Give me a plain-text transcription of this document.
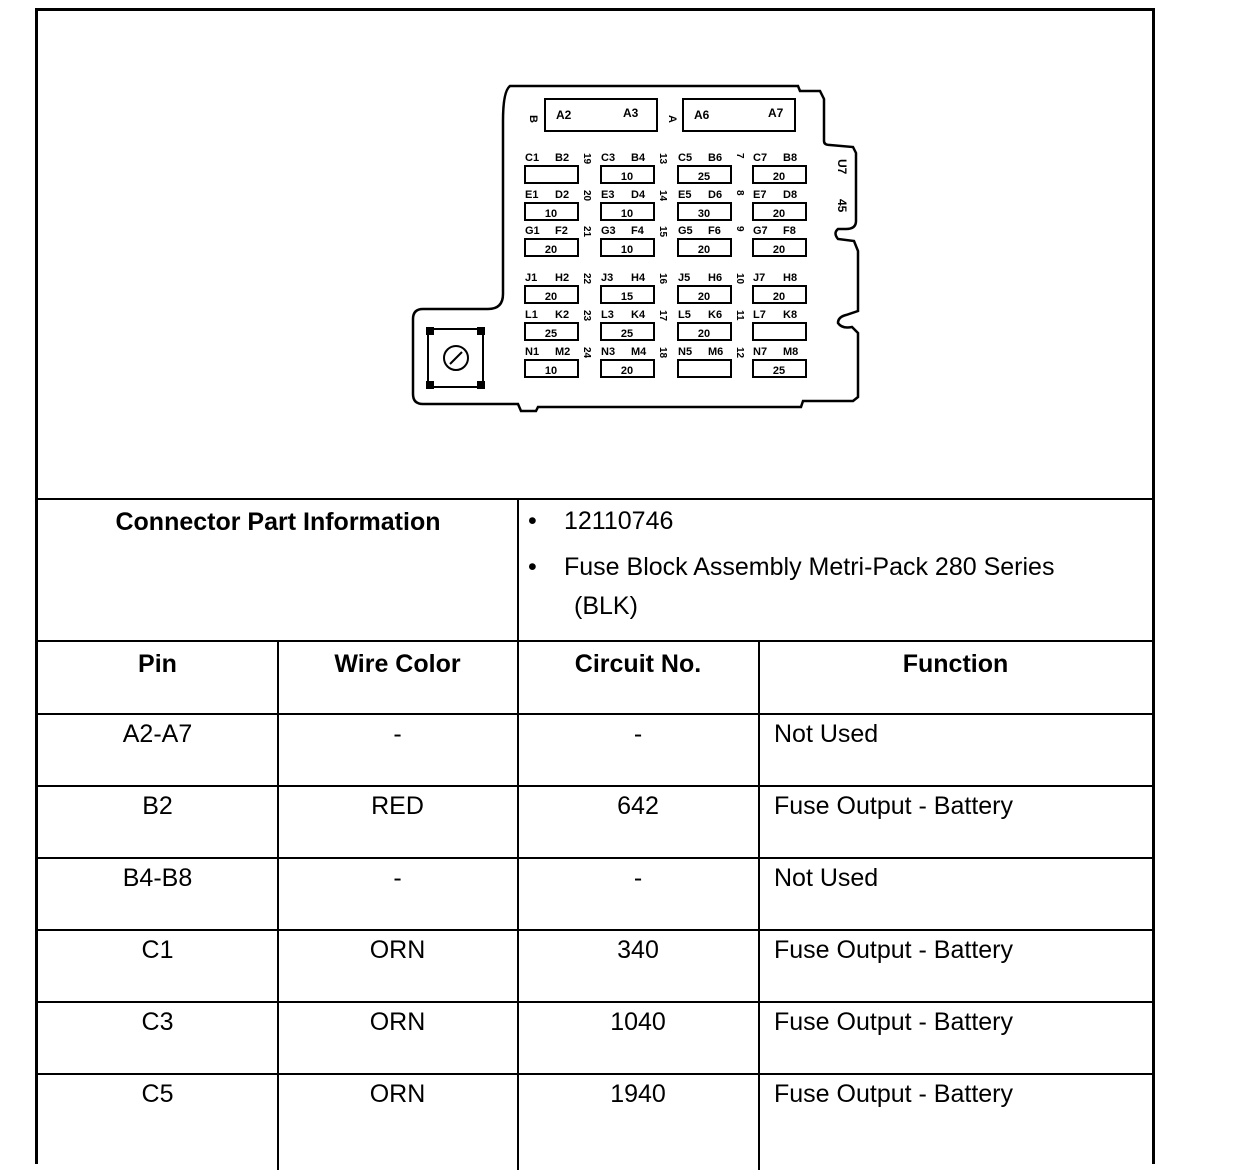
B A2	A3	A A6	A7
U7
45
C1 B2 19
E1 D2 20
10
G1 F2 21
20
J1 H2 22
20
L1 K2 23
25
N1 M2 24
10
C3 B4 13
10
E3 D4 14
10
G3 F4 15
10
J3 H4 16
15
L3 K4 17
25
N3 M4 18
20
C5 B6 7
25
E5 D6 8
30
G5 F6 9
20
J5 H6 10
20
L5 K6 11
20
N5 M6 12
C7 B8
20
E7 D8
20
G7 F8
20
J7 H8
20
L7 K8
N7 M8
25
Connector Part Information	• 12110746
• Fuse Block Assembly Metri-Pack 280 Series
(BLK)
Pin	Wire Color	Circuit No.	Function
A2-A7	-	-	Not Used
B2	RED	642	Fuse Output - Battery
B4-B8	-	-	Not Used
C1	ORN	340	Fuse Output - Battery
C3	ORN	1040	Fuse Output - Battery
C5	ORN	1940	Fuse Output - Battery
